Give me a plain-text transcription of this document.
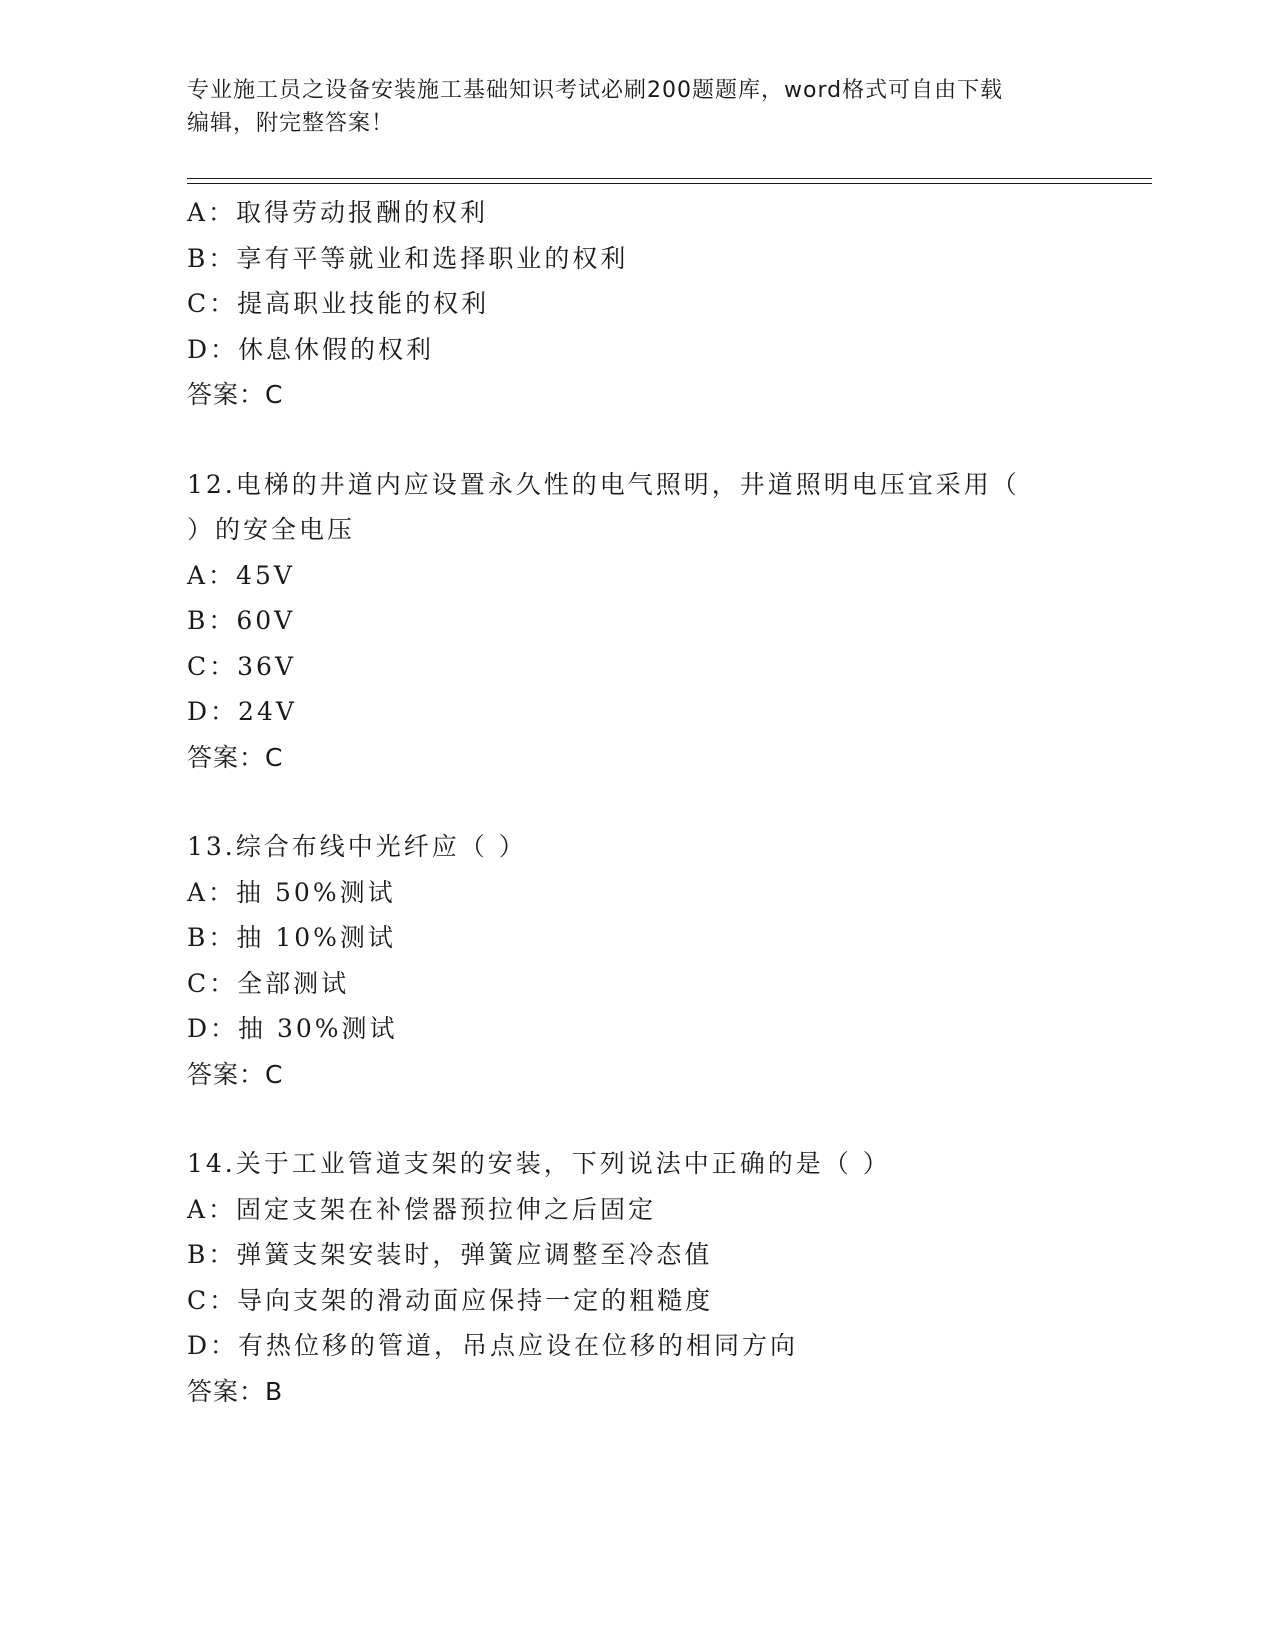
专业施工员之设备安装施工基础知识考试必刷200题题库，word格式可自由下载
编辑，附完整答案！
A：取得劳动报酬的权利
B：享有平等就业和选择职业的权利
C：提高职业技能的权利
D：休息休假的权利
答案：C
12.电梯的井道内应设置永久性的电气照明，井道照明电压宜采用（
）的安全电压
A：45V
B：60V
C：36V
D：24V
答案：C
13.综合布线中光纤应（ ）
A：抽 50%测试
B：抽 10%测试
C：全部测试
D：抽 30%测试
答案：C
14.关于工业管道支架的安装，下列说法中正确的是（ ）
A：固定支架在补偿器预拉伸之后固定
B：弹簧支架安装时，弹簧应调整至冷态值
C：导向支架的滑动面应保持一定的粗糙度
D：有热位移的管道，吊点应设在位移的相同方向
答案：B
